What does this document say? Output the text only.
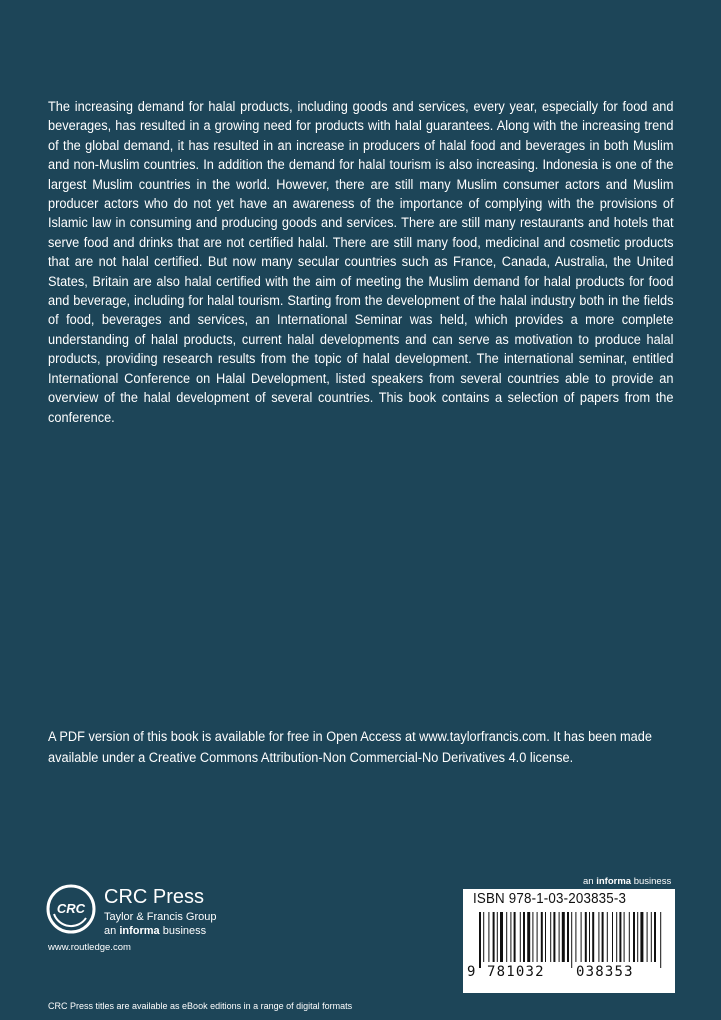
The increasing demand for halal products, including goods and services, every year, especially for food and beverages, has resulted in a growing need for products with halal guarantees. Along with the increasing trend of the global demand, it has resulted in an increase in producers of halal food and beverages in both Muslim and non-Muslim countries. In addition the demand for halal tourism is also increasing. Indonesia is one of the largest Muslim countries in the world. However, there are still many Muslim consumer actors and Muslim producer actors who do not yet have an awareness of the importance of complying with the provisions of Islamic law in consuming and producing goods and services. There are still many restaurants and hotels that serve food and drinks that are not certified halal. There are still many food, medicinal and cosmetic products that are not halal certified. But now many secular countries such as France, Canada, Australia, the United States, Britain are also halal certified with the aim of meeting the Muslim demand for halal products for food and beverage, including for halal tourism. Starting from the development of the halal industry both in the fields of food, beverages and services, an International Seminar was held, which provides a more complete understanding of halal products, current halal developments and can serve as motivation to produce halal products, providing research results from the topic of halal development. The international seminar, entitled International Conference on Halal Development, listed speakers from several countries able to provide an overview of the halal development of several countries. This book contains a selection of papers from the conference.

A PDF version of this book is available for free in Open Access at www.taylorfrancis.com. It has been made available under a Creative Commons Attribution-Non Commercial-No Derivatives 4.0 license.

CRC
CRC Press
Taylor & Francis Group
an informa business
www.routledge.com
CRC Press titles are available as eBook editions in a range of digital formats
an informa business
ISBN 978-1-03-203835-3
9 781032 038353
